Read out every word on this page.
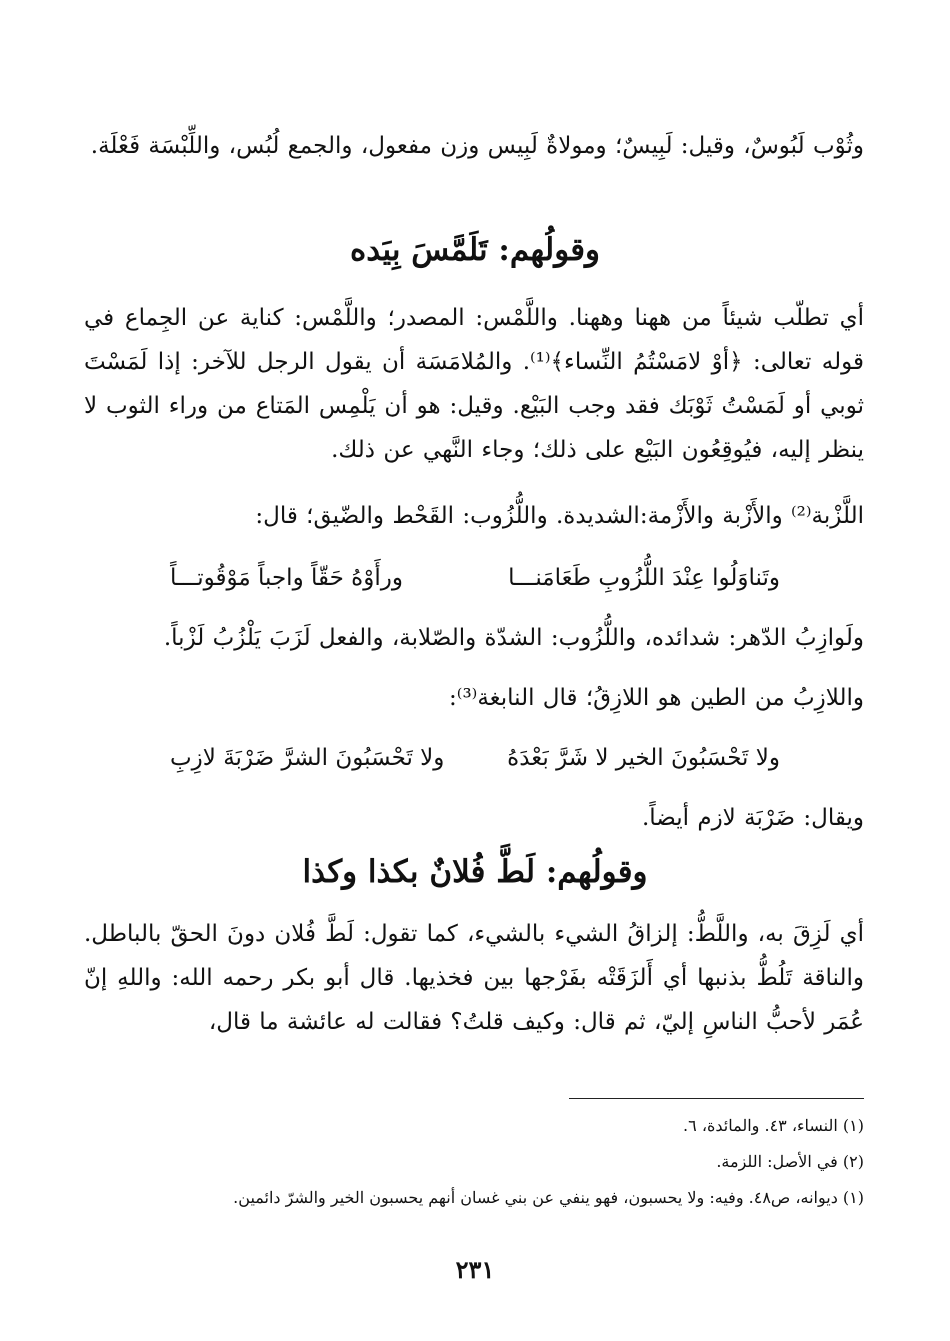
وثُوْب لَبُوسٌ، وقيل: لَبِيسٌ؛ ومولاةٌ لَبِيس وزن مفعول، والجمع لُبُس، واللِّبْسَة فَعْلَة.

وقولُهم: تَلَمَّسَ بِيَده

أي تطلّب شيئاً من ههنا وههنا. واللَّمْس: المصدر؛ واللَّمْس: كناية عن الجِماع في قوله تعالى: ﴿أوْ لامَسْتُمُ النِّساء﴾⁽¹⁾. والمُلامَسَة أن يقول الرجل للآخر: إذا لَمَسْتَ ثوبي أو لَمَسْتُ ثَوْبَك فقد وجب البَيْع. وقيل: هو أن يَلْمِس المَتاع من وراء الثوب لا ينظر إليه، فيُوقِعُون البَيْع على ذلك؛ وجاء النَّهي عن ذلك.

اللَّزْبة⁽²⁾ والأَزْبة والأَزْمة:الشديدة. واللُّزُوب: القَحْط والضّيق؛ قال:

وتَناوَلُوا عِنْدَ اللُّزُوبِ طَعَامَنـــا
ورأَوْهُ حَقّاً واجباً مَوْقُوتـــاً

ولَوازِبُ الدّهر: شدائده، واللُّزُوب: الشدّة والصّلابة، والفعل لَزَبَ يَلْزُبُ لَزْباً.

واللازِبُ من الطين هو اللازِقُ؛ قال النابغة⁽³⁾:

ولا تَحْسَبُونَ الخير لا شَرَّ بَعْدَهُ
ولا تَحْسَبُونَ الشرَّ ضَرْبَةَ لازِبِ

ويقال: ضَرْبَة لازم أيضاً.

وقولُهم: لَطَّ فُلانٌ بكذا وكذا

أي لَزِقَ به، واللَّطُّ: إلزاقُ الشيء بالشيء، كما تقول: لَطَّ فُلان دونَ الحقّ بالباطل. والناقة تَلُطُّ بذنبها أي أَلزَقَتْه بفَرْجها بين فخذيها. قال أبو بكر رحمه الله: واللهِ إنّ عُمَر لأحبُّ الناسِ إليّ، ثم قال: وكيف قلتُ؟ فقالت له عائشة ما قال،

(١) النساء، ٤٣. والمائدة، ٦.

(٢) في الأصل: اللزمة.

(١) ديوانه، ص٤٨. وفيه: ولا يحسبون، فهو ينفي عن بني غسان أنهم يحسبون الخير والشرّ دائمين.

٢٣١
